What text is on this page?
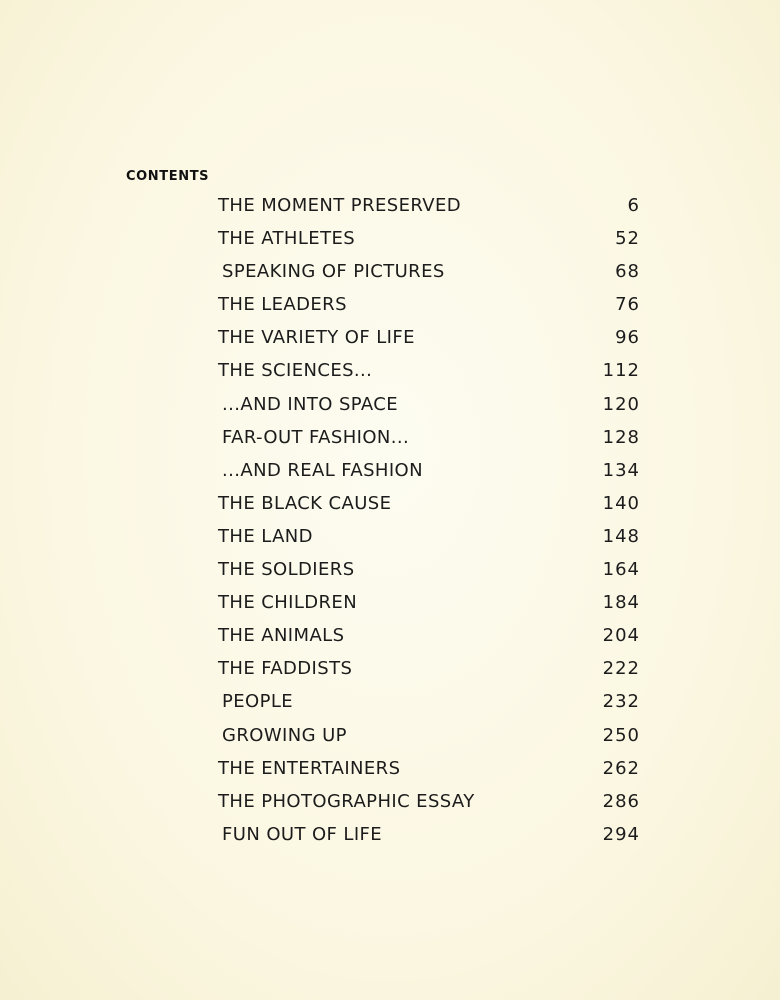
CONTENTS
THE MOMENT PRESERVED	6
THE ATHLETES	52
SPEAKING OF PICTURES	68
THE LEADERS	76
THE VARIETY OF LIFE	96
THE SCIENCES...	112
...AND INTO SPACE	120
FAR-OUT FASHION...	128
...AND REAL FASHION	134
THE BLACK CAUSE	140
THE LAND	148
THE SOLDIERS	164
THE CHILDREN	184
THE ANIMALS	204
THE FADDISTS	222
PEOPLE	232
GROWING UP	250
THE ENTERTAINERS	262
THE PHOTOGRAPHIC ESSAY	286
FUN OUT OF LIFE	294
